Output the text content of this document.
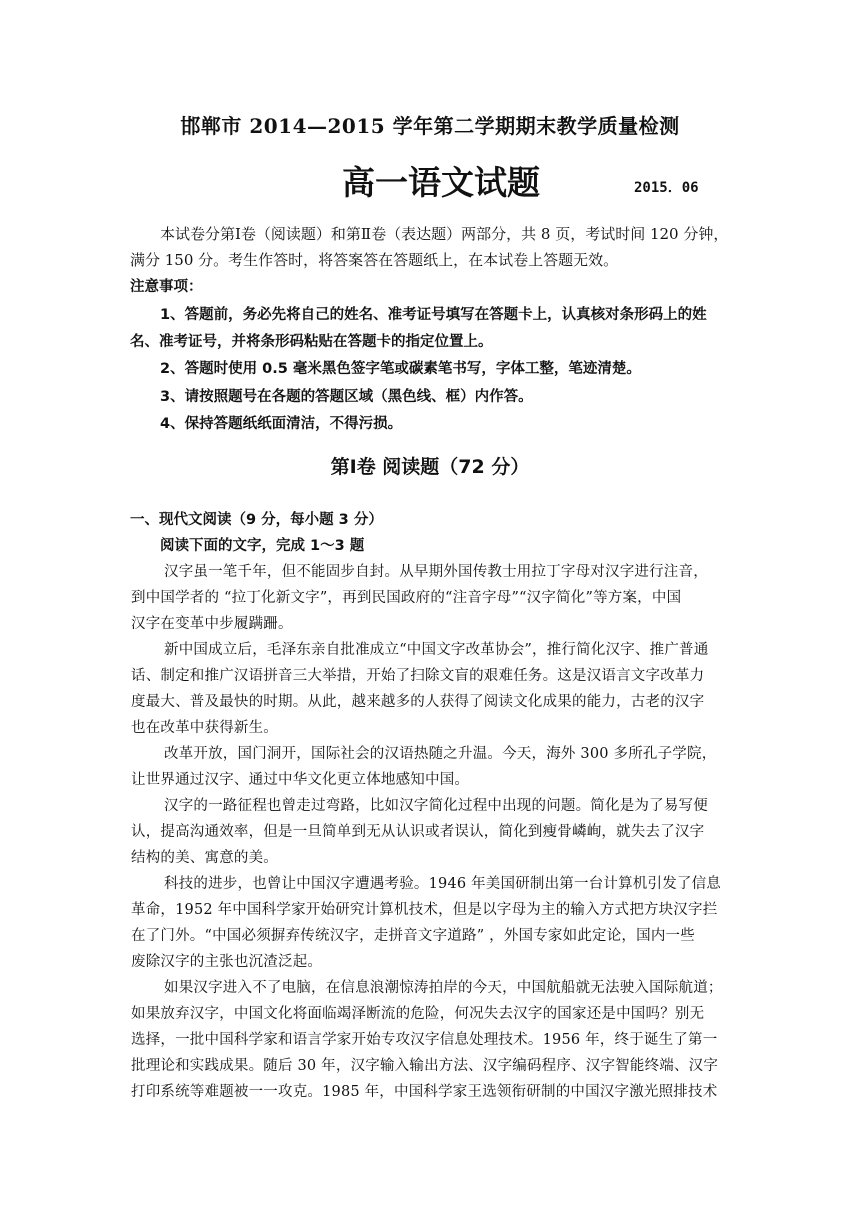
邯郸市 2014—2015 学年第二学期期末教学质量检测
高一语文试题	2015．06
本试卷分第Ⅰ卷（阅读题）和第Ⅱ卷（表达题）两部分，共 8 页，考试时间 120 分钟，
满分 150 分。考生作答时，将答案答在答题纸上，在本试卷上答题无效。
注意事项：
1、答题前，务必先将自己的姓名、准考证号填写在答题卡上，认真核对条形码上的姓
名、准考证号，并将条形码粘贴在答题卡的指定位置上。
2、答题时使用 0.5 毫米黑色签字笔或碳素笔书写，字体工整，笔迹清楚。
3、请按照题号在各题的答题区域（黑色线、框）内作答。
4、保持答题纸纸面清洁，不得污损。
第Ⅰ卷 阅读题（72 分）
一、现代文阅读（9 分，每小题 3 分）
阅读下面的文字，完成 1～3 题
汉字虽一笔千年，但不能固步自封。从早期外国传教士用拉丁字母对汉字进行注音，
到中国学者的 “拉丁化新文字”，再到民国政府的“注音字母”“汉字简化”等方案，中国
汉字在变革中步履蹒跚。
新中国成立后，毛泽东亲自批准成立“中国文字改革协会”，推行简化汉字、推广普通
话、制定和推广汉语拼音三大举措，开始了扫除文盲的艰难任务。这是汉语言文字改革力
度最大、普及最快的时期。从此，越来越多的人获得了阅读文化成果的能力，古老的汉字
也在改革中获得新生。
改革开放，国门洞开，国际社会的汉语热随之升温。今天，海外 300 多所孔子学院，
让世界通过汉字、通过中华文化更立体地感知中国。
汉字的一路征程也曾走过弯路，比如汉字简化过程中出现的问题。简化是为了易写便
认，提高沟通效率，但是一旦简单到无从认识或者误认，简化到瘦骨嶙峋，就失去了汉字
结构的美、寓意的美。
科技的进步，也曾让中国汉字遭遇考验。1946 年美国研制出第一台计算机引发了信息
革命，1952 年中国科学家开始研究计算机技术，但是以字母为主的输入方式把方块汉字拦
在了门外。“中国必须摒弃传统汉字，走拼音文字道路” ，外国专家如此定论，国内一些
废除汉字的主张也沉渣泛起。
如果汉字进入不了电脑，在信息浪潮惊涛拍岸的今天，中国航船就无法驶入国际航道；
如果放弃汉字，中国文化将面临竭泽断流的危险，何况失去汉字的国家还是中国吗？别无
选择，一批中国科学家和语言学家开始专攻汉字信息处理技术。1956 年，终于诞生了第一
批理论和实践成果。随后 30 年，汉字输入输出方法、汉字编码程序、汉字智能终端、汉字
打印系统等难题被一一攻克。1985 年，中国科学家王选领衔研制的中国汉字激光照排技术
